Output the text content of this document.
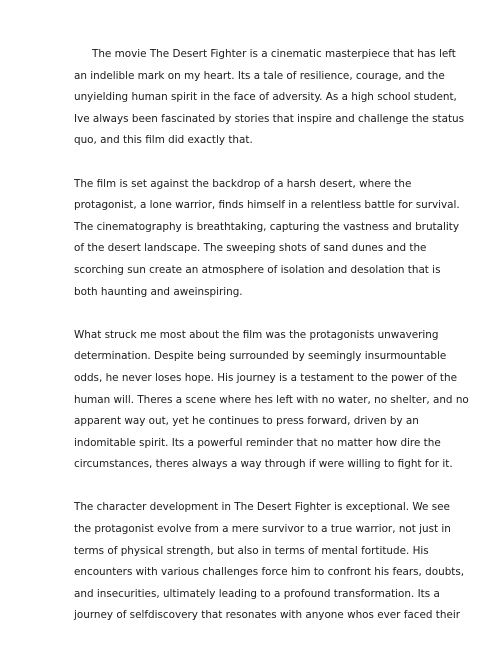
The movie The Desert Fighter is a cinematic masterpiece that has left
an indelible mark on my heart. Its a tale of resilience, courage, and the
unyielding human spirit in the face of adversity. As a high school student,
Ive always been fascinated by stories that inspire and challenge the status
quo, and this film did exactly that.
The film is set against the backdrop of a harsh desert, where the
protagonist, a lone warrior, finds himself in a relentless battle for survival.
The cinematography is breathtaking, capturing the vastness and brutality
of the desert landscape. The sweeping shots of sand dunes and the
scorching sun create an atmosphere of isolation and desolation that is
both haunting and aweinspiring.
What struck me most about the film was the protagonists unwavering
determination. Despite being surrounded by seemingly insurmountable
odds, he never loses hope. His journey is a testament to the power of the
human will. Theres a scene where hes left with no water, no shelter, and no
apparent way out, yet he continues to press forward, driven by an
indomitable spirit. Its a powerful reminder that no matter how dire the
circumstances, theres always a way through if were willing to fight for it.
The character development in The Desert Fighter is exceptional. We see
the protagonist evolve from a mere survivor to a true warrior, not just in
terms of physical strength, but also in terms of mental fortitude. His
encounters with various challenges force him to confront his fears, doubts,
and insecurities, ultimately leading to a profound transformation. Its a
journey of selfdiscovery that resonates with anyone whos ever faced their
